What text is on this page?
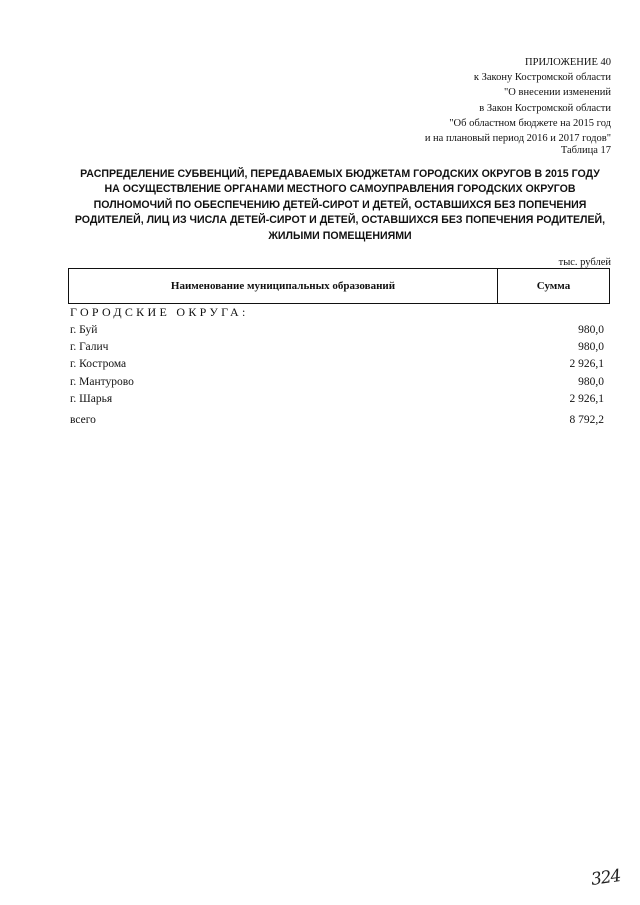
ПРИЛОЖЕНИЕ 40
к Закону Костромской области
"О внесении изменений
в Закон Костромской области
"Об областном бюджете на 2015 год
и на плановый период 2016 и 2017 годов"
Таблица 17
РАСПРЕДЕЛЕНИЕ СУБВЕНЦИЙ, ПЕРЕДАВАЕМЫХ БЮДЖЕТАМ ГОРОДСКИХ ОКРУГОВ В 2015 ГОДУ
НА ОСУЩЕСТВЛЕНИЕ ОРГАНАМИ МЕСТНОГО САМОУПРАВЛЕНИЯ ГОРОДСКИХ ОКРУГОВ
ПОЛНОМОЧИЙ ПО ОБЕСПЕЧЕНИЮ ДЕТЕЙ-СИРОТ И ДЕТЕЙ, ОСТАВШИХСЯ БЕЗ ПОПЕЧЕНИЯ
РОДИТЕЛЕЙ, ЛИЦ ИЗ ЧИСЛА ДЕТЕЙ-СИРОТ И ДЕТЕЙ, ОСТАВШИХСЯ БЕЗ ПОПЕЧЕНИЯ РОДИТЕЛЕЙ,
ЖИЛЫМИ ПОМЕЩЕНИЯМИ
тыс. рублей
Наименование муниципальных образований	Сумма
ГОРОДСКИЕ ОКРУГА:
г. Буй	980,0
г. Галич	980,0
г. Кострома	2 926,1
г. Мантурово	980,0
г. Шарья	2 926,1
всего	8 792,2
324
